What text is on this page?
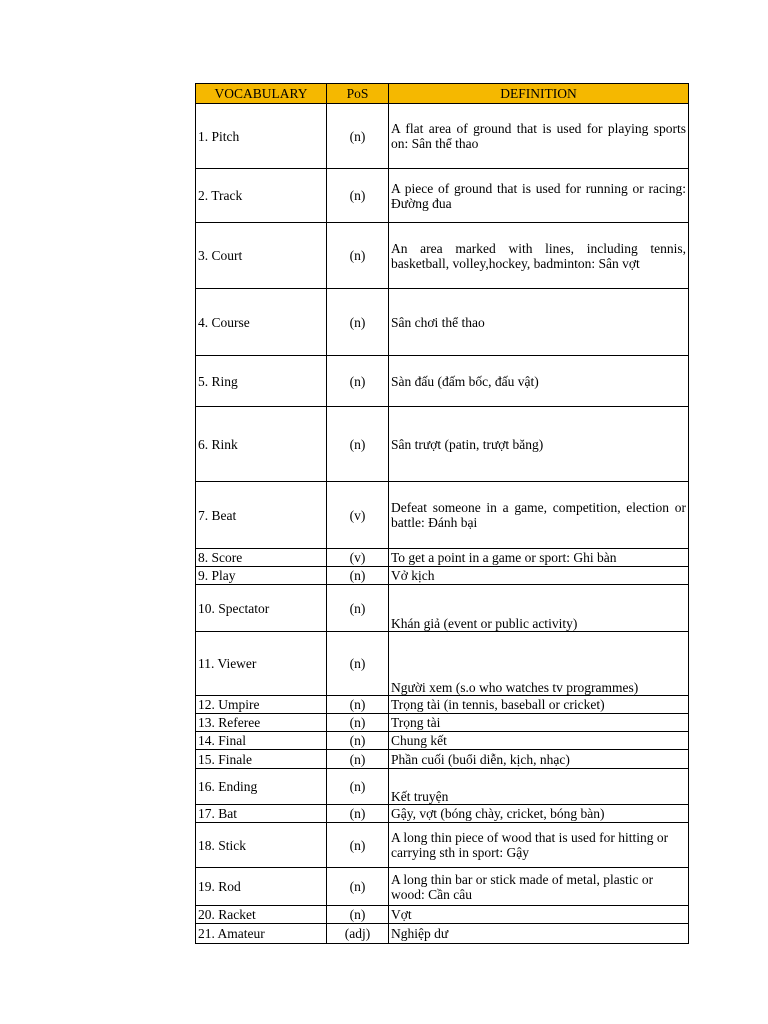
VOCABULARY	PoS	DEFINITION
1. Pitch	(n)	A flat area of ground that is used for playing sports on: Sân thể thao
2. Track	(n)	A piece of ground that is used for running or racing: Đường đua
3. Court	(n)	An area marked with lines, including tennis, basketball, volley,hockey, badminton: Sân vợt
4. Course	(n)	Sân chơi thể thao
5. Ring	(n)	Sàn đấu (đấm bốc, đấu vật)
6. Rink	(n)	Sân trượt (patin, trượt băng)
7. Beat	(v)	Defeat someone in a game, competition, election or battle: Đánh bại
8. Score	(v)	To get a point in a game or sport: Ghi bàn
9. Play	(n)	Vở kịch
10. Spectator	(n)	Khán giả (event or public activity)
11. Viewer	(n)	Người xem (s.o who watches tv programmes)
12. Umpire	(n)	Trọng tài (in tennis, baseball or cricket)
13. Referee	(n)	Trọng tài
14. Final	(n)	Chung kết
15. Finale	(n)	Phần cuối (buổi diễn, kịch, nhạc)
16. Ending	(n)	Kết truyện
17. Bat	(n)	Gậy, vợt (bóng chày, cricket, bóng bàn)
18. Stick	(n)	A long thin piece of wood that is used for hitting or carrying sth in sport: Gậy
19. Rod	(n)	A long thin bar or stick made of metal, plastic or wood: Cần câu
20. Racket	(n)	Vợt
21. Amateur	(adj)	Nghiệp dư
